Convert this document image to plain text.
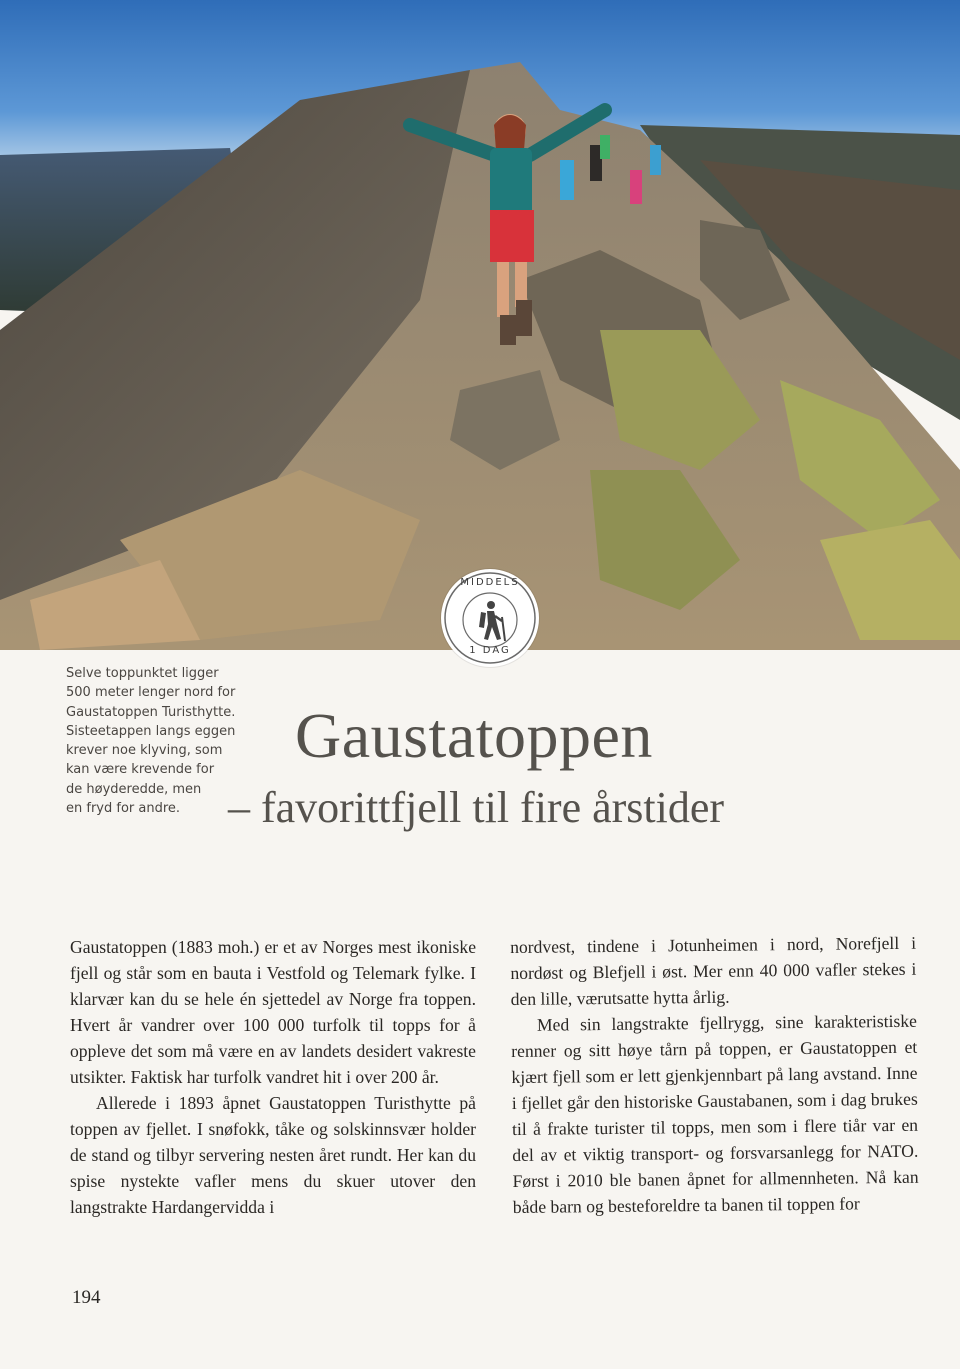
MIDDELS
1 DAG
Selve toppunktet ligger
500 meter lenger nord for
Gaustatoppen Turisthytte.
Sisteetappen langs eggen
krever noe klyving, som
kan være krevende for
de høyderedde, men
en fryd for andre.
Gaustatoppen
– favorittfjell til fire årstider

Gaustatoppen (1883 moh.) er et av Norges mest ikoniske fjell og står som en bauta i Vestfold og Telemark fylke. I klarvær kan du se hele én sjettedel av Norge fra toppen. Hvert år vandrer over 100 000 turfolk til topps for å oppleve det som må være en av landets desidert vakreste utsikter. Faktisk har turfolk vandret hit i over 200 år.

Allerede i 1893 åpnet Gaustatoppen Turisthytte på toppen av fjellet. I snøfokk, tåke og solskinnsvær holder de stand og tilbyr servering nesten året rundt. Her kan du spise nystekte vafler mens du skuer utover den langstrakte Hardangervidda i

nordvest, tindene i Jotunheimen i nord, Norefjell i nordøst og Blefjell i øst. Mer enn 40 000 vafler stekes i den lille, værutsatte hytta årlig.

Med sin langstrakte fjellrygg, sine karakteristiske renner og sitt høye tårn på toppen, er Gaustatoppen et kjært fjell som er lett gjenkjennbart på lang avstand. Inne i fjellet går den historiske Gaustabanen, som i dag brukes til å frakte turister til topps, men som i flere tiår var en del av et viktig transport- og forsvarsanlegg for NATO. Først i 2010 ble banen åpnet for allmennheten. Nå kan både barn og besteforeldre ta banen til toppen for

194
